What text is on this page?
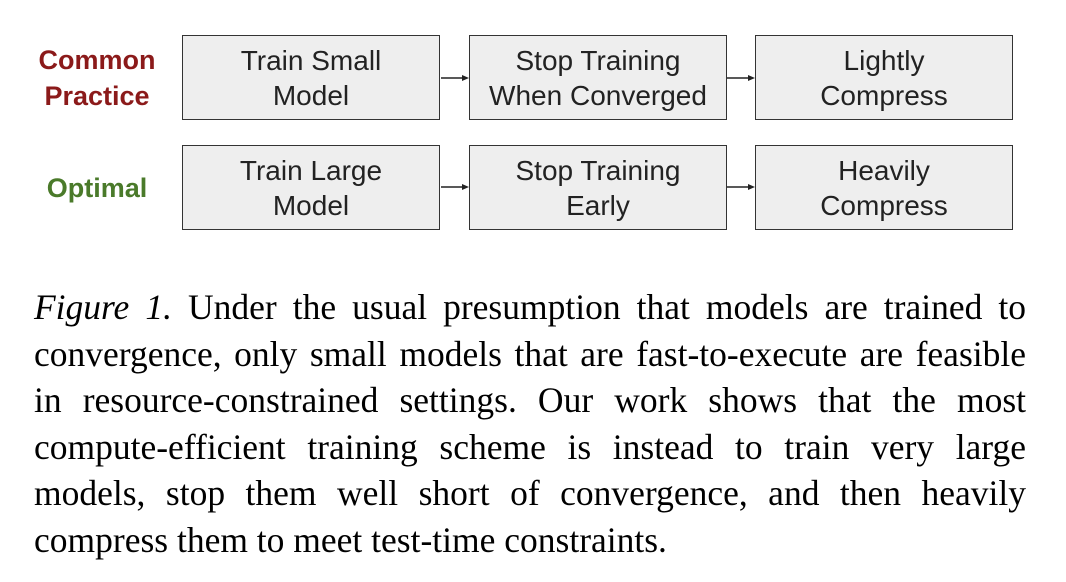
Common
Practice
Train Small
Model
Stop Training
When Converged
Lightly
Compress
Optimal
Train Large
Model
Stop Training
Early
Heavily
Compress
Figure 1. Under the usual presumption that models are trained to
convergence, only small models that are fast-to-execute are feasible
in resource-constrained settings. Our work shows that the most
compute-efficient training scheme is instead to train very large
models, stop them well short of convergence, and then heavily
compress them to meet test-time constraints.
